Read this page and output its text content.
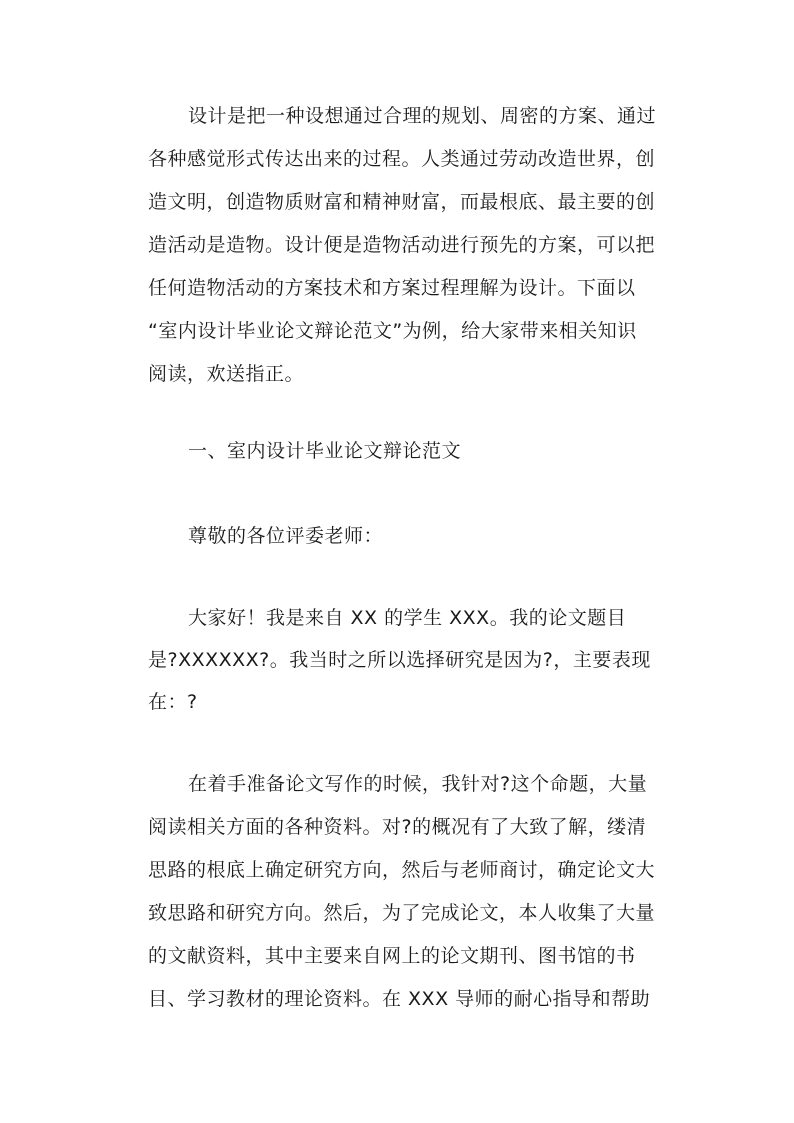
设计是把一种设想通过合理的规划、周密的方案、通过
各种感觉形式传达出来的过程。人类通过劳动改造世界，创
造文明，创造物质财富和精神财富，而最根底、最主要的创
造活动是造物。设计便是造物活动进行预先的方案，可以把
任何造物活动的方案技术和方案过程理解为设计。下面以
“室内设计毕业论文辩论范文”为例，给大家带来相关知识
阅读，欢送指正。
一、室内设计毕业论文辩论范文
尊敬的各位评委老师：
大家好！我是来自 XX 的学生 XXX。我的论文题目
是?XXXXXX?。我当时之所以选择研究是因为?，主要表现
在：?
在着手准备论文写作的时候，我针对?这个命题，大量
阅读相关方面的各种资料。对?的概况有了大致了解，缕清
思路的根底上确定研究方向，然后与老师商讨，确定论文大
致思路和研究方向。然后，为了完成论文，本人收集了大量
的文献资料，其中主要来自网上的论文期刊、图书馆的书
目、学习教材的理论资料。在 XXX 导师的耐心指导和帮助
